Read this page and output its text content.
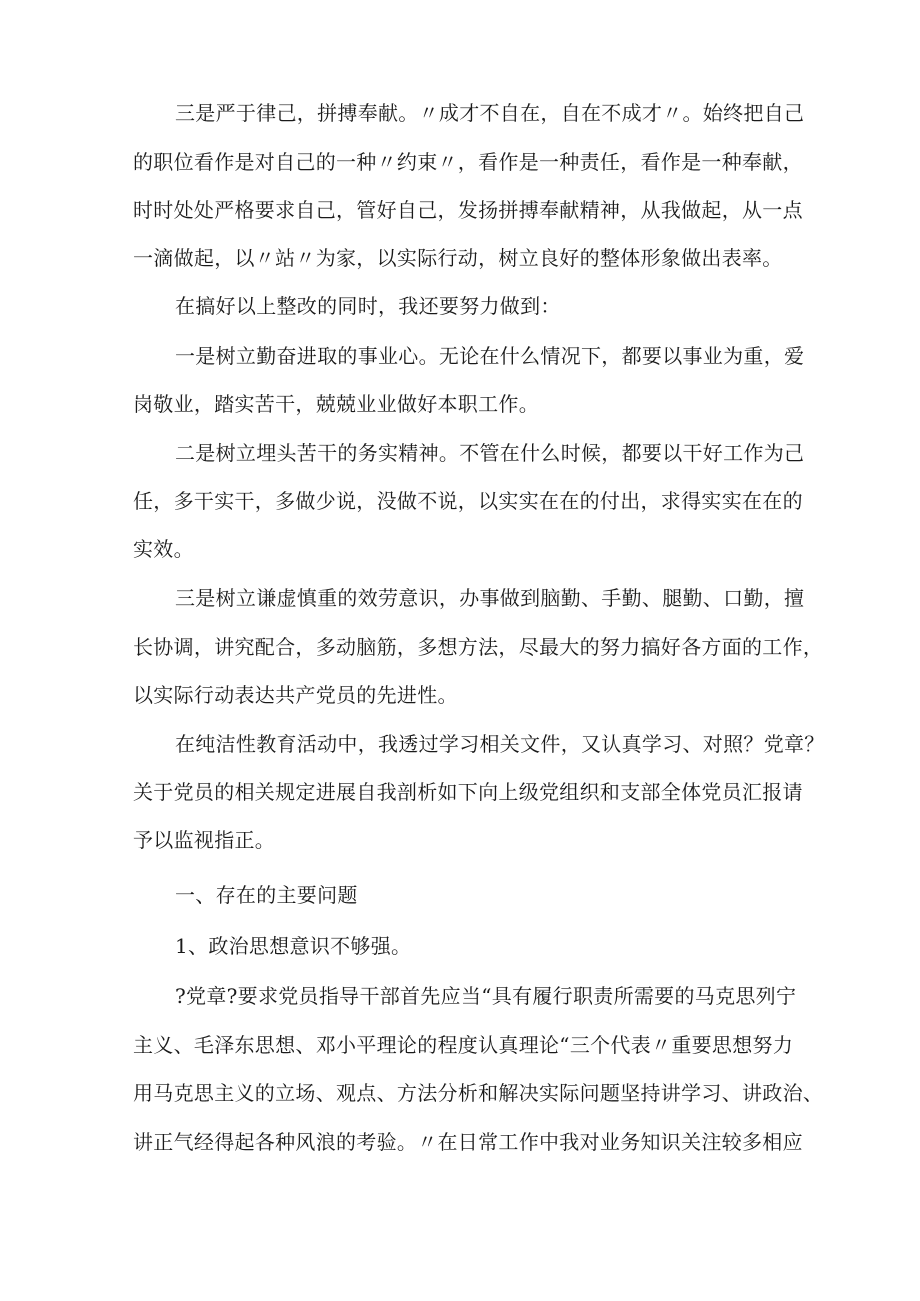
三是严于律己，拼搏奉献。〃成才不自在，自在不成才〃。始终把自己
的职位看作是对自己的一种〃约束〃，看作是一种责任，看作是一种奉献，
时时处处严格要求自己，管好自己，发扬拼搏奉献精神，从我做起，从一点
一滴做起，以〃站〃为家，以实际行动，树立良好的整体形象做出表率。
在搞好以上整改的同时，我还要努力做到：
一是树立勤奋进取的事业心。无论在什么情况下，都要以事业为重，爱
岗敬业，踏实苦干，兢兢业业做好本职工作。
二是树立埋头苦干的务实精神。不管在什么时候，都要以干好工作为己
任，多干实干，多做少说，没做不说，以实实在在的付出，求得实实在在的
实效。
三是树立谦虚慎重的效劳意识，办事做到脑勤、手勤、腿勤、口勤，擅
长协调，讲究配合，多动脑筋，多想方法，尽最大的努力搞好各方面的工作，
以实际行动表达共产党员的先进性。
在纯洁性教育活动中，我透过学习相关文件，又认真学习、对照？党章？
关于党员的相关规定进展自我剖析如下向上级党组织和支部全体党员汇报请
予以监视指正。
一、存在的主要问题
1、政治思想意识不够强。
?党章?要求党员指导干部首先应当“具有履行职责所需要的马克思列宁
主义、毛泽东思想、邓小平理论的程度认真理论“三个代表〃重要思想努力
用马克思主义的立场、观点、方法分析和解决实际问题坚持讲学习、讲政治、
讲正气经得起各种风浪的考验。〃在日常工作中我对业务知识关注较多相应
